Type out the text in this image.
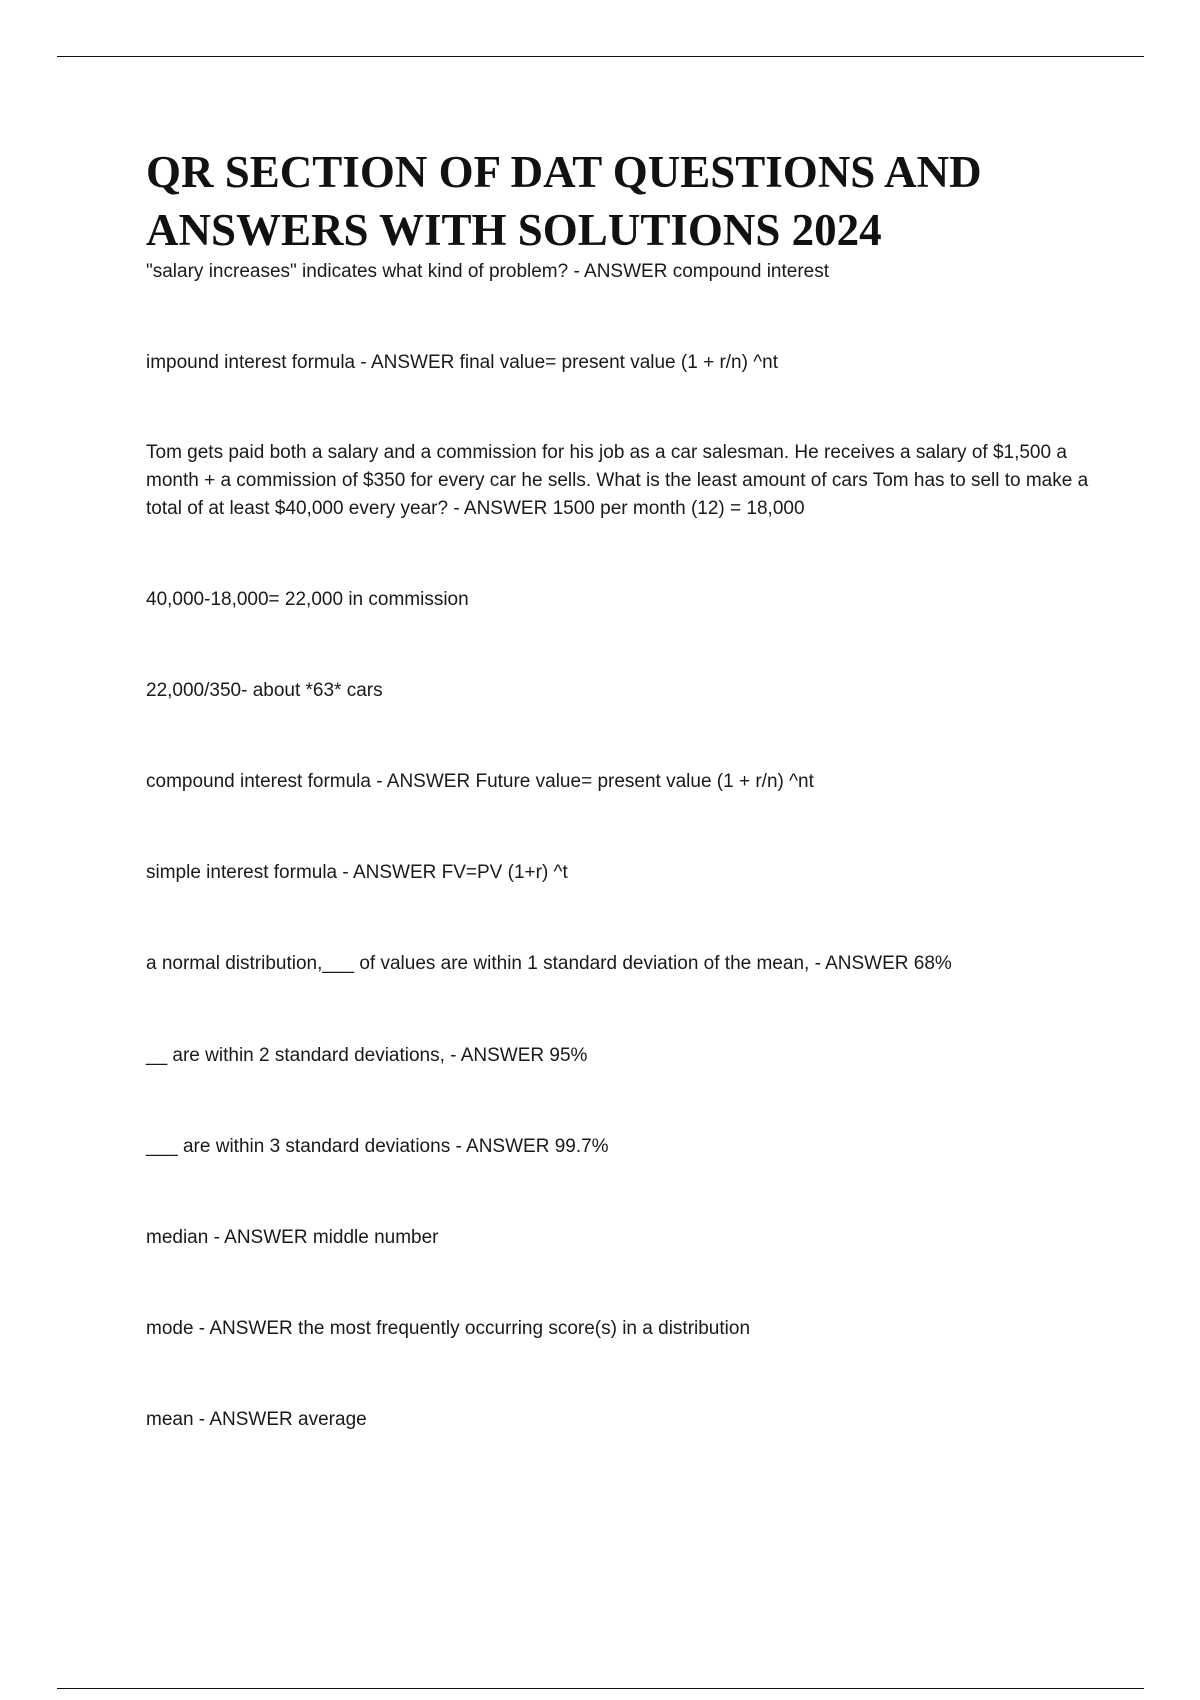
QR SECTION OF DAT QUESTIONS AND ANSWERS WITH SOLUTIONS 2024

"salary increases" indicates what kind of problem? - ANSWER compound interest

impound interest formula - ANSWER final value= present value (1 + r/n) ^nt

Tom gets paid both a salary and a commission for his job as a car salesman. He receives a salary of $1,500 a month + a commission of $350 for every car he sells. What is the least amount of cars Tom has to sell to make a total of at least $40,000 every year? - ANSWER 1500 per month (12) = 18,000

40,000-18,000= 22,000 in commission

22,000/350- about *63* cars

compound interest formula - ANSWER Future value= present value (1 + r/n) ^nt

simple interest formula - ANSWER FV=PV (1+r) ^t

a normal distribution,___ of values are within 1 standard deviation of the mean, - ANSWER 68%

__ are within 2 standard deviations, - ANSWER 95%

___ are within 3 standard deviations - ANSWER 99.7%

median - ANSWER middle number

mode - ANSWER the most frequently occurring score(s) in a distribution

mean - ANSWER average
